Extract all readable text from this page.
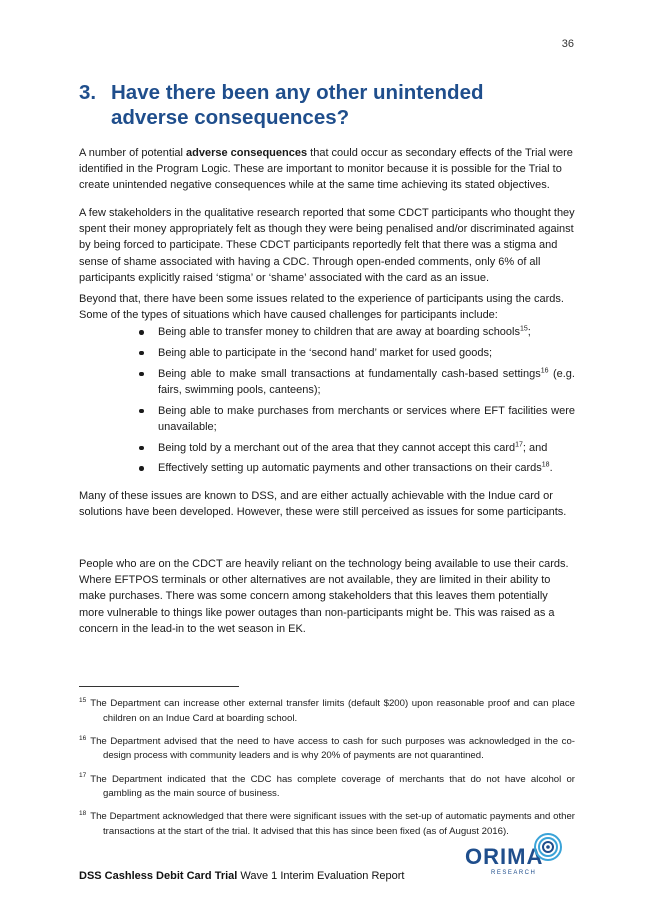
36
3. Have there been any other unintended adverse consequences?

A number of potential adverse consequences that could occur as secondary effects of the Trial were identified in the Program Logic. These are important to monitor because it is possible for the Trial to create unintended negative consequences while at the same time achieving its stated objectives.

A few stakeholders in the qualitative research reported that some CDCT participants who thought they spent their money appropriately felt as though they were being penalised and/or discriminated against by being forced to participate. These CDCT participants reportedly felt that there was a stigma and sense of shame associated with having a CDC. Through open-ended comments, only 6% of all participants explicitly raised ‘stigma’ or ‘shame’ associated with the card as an issue.

Beyond that, there have been some issues related to the experience of participants using the cards. Some of the types of situations which have caused challenges for participants include:

Being able to transfer money to children that are away at boarding schools$^{15}$;
Being able to participate in the ‘second hand’ market for used goods;
Being able to make small transactions at fundamentally cash-based settings$^{16}$ (e.g. fairs, swimming pools, canteens);
Being able to make purchases from merchants or services where EFT facilities were unavailable;
Being told by a merchant out of the area that they cannot accept this card$^{17}$; and
Effectively setting up automatic payments and other transactions on their cards$^{18}$.

Many of these issues are known to DSS, and are either actually achievable with the Indue card or solutions have been developed. However, these were still perceived as issues for some participants.

People who are on the CDCT are heavily reliant on the technology being available to use their cards. Where EFTPOS terminals or other alternatives are not available, they are limited in their ability to make purchases. There was some concern among stakeholders that this leaves them potentially more vulnerable to things like power outages than non-participants might be. This was raised as a concern in the lead-in to the wet season in EK.

$^{15}$ The Department can increase other external transfer limits (default $200) upon reasonable proof and can place children on an Indue Card at boarding school.

$^{16}$ The Department advised that the need to have access to cash for such purposes was acknowledged in the co-design process with community leaders and is why 20% of payments are not quarantined.

$^{17}$ The Department indicated that the CDC has complete coverage of merchants that do not have alcohol or gambling as the main source of business.

$^{18}$ The Department acknowledged that there were significant issues with the set-up of automatic payments and other transactions at the start of the trial. It advised that this has since been fixed (as of August 2016).

DSS Cashless Debit Card Trial Wave 1 Interim Evaluation Report
ORIMA
RESEARCH
